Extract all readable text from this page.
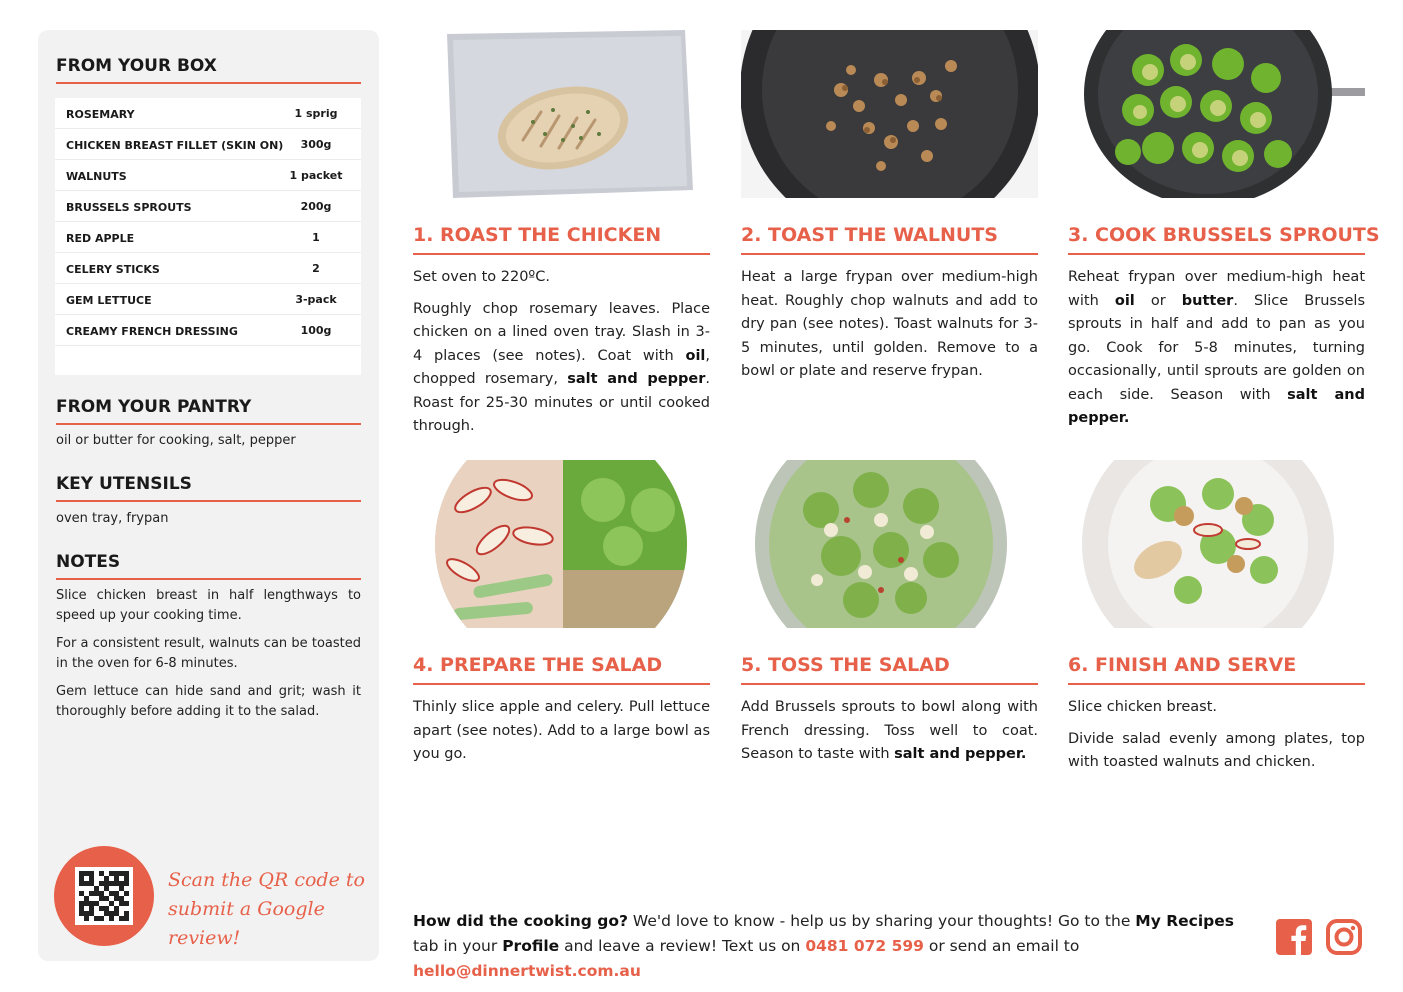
FROM YOUR BOX
ROSEMARY	1 sprig
CHICKEN BREAST FILLET (SKIN ON)	300g
WALNUTS	1 packet
BRUSSELS SPROUTS	200g
RED APPLE	1
CELERY STICKS	2
GEM LETTUCE	3-pack
CREAMY FRENCH DRESSING	100g
FROM YOUR PANTRY
oil or butter for cooking, salt, pepper
KEY UTENSILS
oven tray, frypan
NOTES
Slice chicken breast in half lengthways to speed up your cooking time.
For a consistent result, walnuts can be toasted in the oven for 6-8 minutes.
Gem lettuce can hide sand and grit; wash it thoroughly before adding it to the salad.
Scan the QR code to
submit a Google review!
1. ROAST THE CHICKEN

Set oven to 220ºC.

Roughly chop rosemary leaves. Place chicken on a lined oven tray. Slash in 3-4 places (see notes). Coat with oil, chopped rosemary, salt and pepper. Roast for 25-30 minutes or until cooked through.

2. TOAST THE WALNUTS

Heat a large frypan over medium-high heat. Roughly chop walnuts and add to dry pan (see notes). Toast walnuts for 3-5 minutes, until golden. Remove to a bowl or plate and reserve frypan.

3. COOK BRUSSELS SPROUTS

Reheat frypan over medium-high heat with oil or butter. Slice Brussels sprouts in half and add to pan as you go. Cook for 5-8 minutes, turning occasionally, until sprouts are golden on each side. Season with salt and pepper.

4. PREPARE THE SALAD

Thinly slice apple and celery. Pull lettuce apart (see notes). Add to a large bowl as you go.

5. TOSS THE SALAD

Add Brussels sprouts to bowl along with French dressing. Toss well to coat. Season to taste with salt and pepper.

6. FINISH AND SERVE

Slice chicken breast.

Divide salad evenly among plates, top with toasted walnuts and chicken.

How did the cooking go? We'd love to know - help us by sharing your thoughts! Go to the My Recipes tab in your Profile and leave a review! Text us on 0481 072 599 or send an email to hello@dinnertwist.com.au
